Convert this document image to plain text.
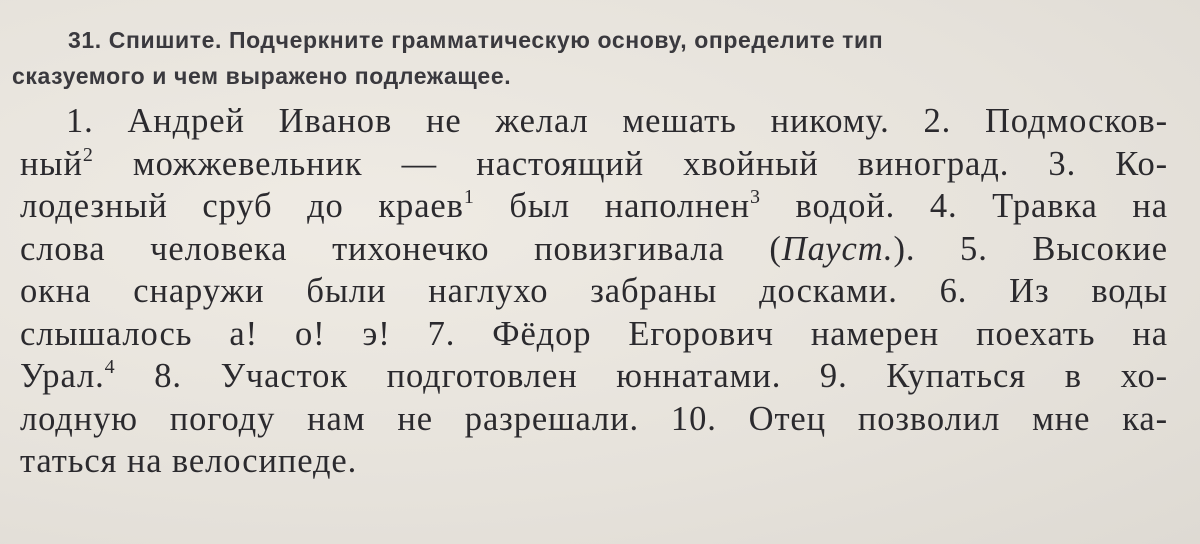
31. Спишите. Подчеркните грамматическую основу, определите тип
сказуемого и чем выражено подлежащее.
1. Андрей Иванов не желал мешать никому. 2. Подмосков-
ный$^2$ можжевельник — настоящий хвойный виноград. 3. Ко-
лодезный сруб до краев$^1$ был наполнен$^3$ водой. 4. Травка на
слова человека тихонечко повизгивала (Пауст.). 5. Высокие
окна снаружи были наглухо забраны досками. 6. Из воды
слышалось а! о! э! 7. Фёдор Егорович намерен поехать на
Урал.$^4$ 8. Участок подготовлен юннатами. 9. Купаться в хо-
лодную погоду нам не разрешали. 10. Отец позволил мне ка-
таться на велосипеде.
